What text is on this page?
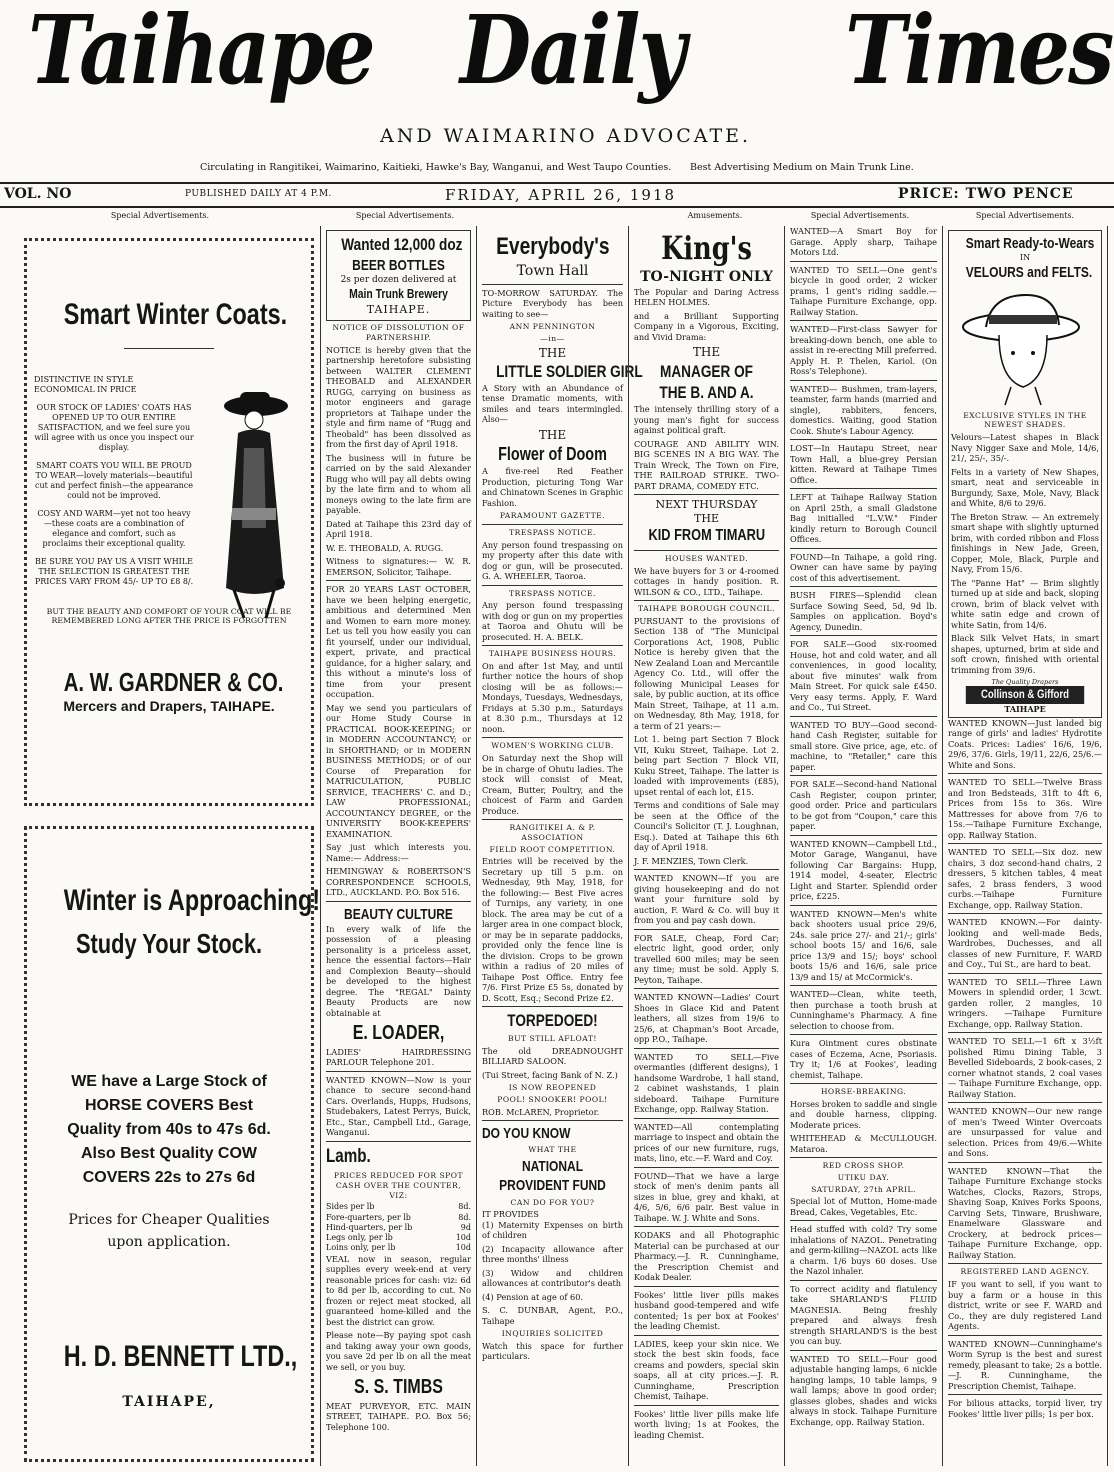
Taihape Daily Times
AND WAIMARINO ADVOCATE.
Circulating in Rangitikei, Waimarino, Kaitieki, Hawke's Bay, Wanganui, and West Taupo Counties. Best Advertising Medium on Main Trunk Line.
VOL. NO	PUBLISHED DAILY AT 4 P.M.	FRIDAY, APRIL 26, 1918	PRICE: TWO PENCE
Special Advertisements.	Special Advertisements.	Amusements.	Special Advertisements.	Special Advertisements.
Smart Winter Coats.
DISTINCTIVE IN STYLE
ECONOMICAL IN PRICE

OUR STOCK OF LADIES' COATS HAS OPENED UP TO OUR ENTIRE SATISFACTION, and we feel sure you will agree with us once you inspect our display.

SMART COATS YOU WILL BE PROUD TO WEAR—lovely materials—beautiful cut and perfect finish—the appearance could not be improved.

COSY AND WARM—yet not too heavy—these coats are a combination of elegance and comfort, such as proclaims their exceptional quality.

BE SURE YOU PAY US A VISIT WHILE THE SELECTION IS GREATEST THE PRICES VARY FROM 45/- UP TO £8 8/.

BUT THE BEAUTY AND COMFORT OF YOUR COAT WILL BE REMEMBERED LONG AFTER THE PRICE IS FORGOTTEN

A. W. GARDNER & CO.
Mercers and Drapers, TAIHAPE.
Winter is Approaching!
Study Your Stock.
WE have a Large Stock of
HORSE COVERS Best
Quality from 40s to 47s 6d.
Also Best Quality COW
COVERS 22s to 27s 6d
Prices for Cheaper Qualities
upon application.
H. D. BENNETT LTD.,
TAIHAPE,
Wanted 12,000 doz
BEER BOTTLES
2s per dozen delivered at
Main Trunk Brewery
TAIHAPE.
NOTICE OF DISSOLUTION OF PARTNERSHIP.

NOTICE is hereby given that the partnership heretofore subsisting between WALTER CLEMENT THEOBALD and ALEXANDER RUGG, carrying on business as motor engineers and garage proprietors at Taihape under the style and firm name of "Rugg and Theobald" has been dissolved as from the first day of April 1918.

The business will in future be carried on by the said Alexander Rugg who will pay all debts owing by the late firm and to whom all moneys owing to the late firm are payable.

Dated at Taihape this 23rd day of April 1918.

W. E. THEOBALD, A. RUGG.

Witness to signatures:— W. R. EMERSON, Solicitor, Taihape.

FOR 20 YEARS LAST OCTOBER, have we been helping energetic, ambitious and determined Men and Women to earn more money. Let us tell you how easily you can fit yourself, under our individual, expert, private, and practical guidance, for a higher salary, and this without a minute's loss of time from your present occupation.

May we send you particulars of our Home Study Course in PRACTICAL BOOK-KEEPING; or in MODERN ACCOUNTANCY; or in SHORTHAND; or in MODERN BUSINESS METHODS; or of our Course of Preparation for MATRICULATION, PUBLIC SERVICE, TEACHERS' C. and D.; LAW PROFESSIONAL; ACCOUNTANCY DEGREE, or the UNIVERSITY BOOK-KEEPERS' EXAMINATION.

Say just which interests you. Name:— Address:—

HEMINGWAY & ROBERTSON'S CORRESPONDENCE SCHOOLS, LTD., AUCKLAND. P.O. Box 516.

BEAUTY CULTURE

In every walk of life the possession of a pleasing personality is a priceless asset, hence the essential factors—Hair and Complexion Beauty—should be developed to the highest degree. The "REGAL" Dainty Beauty Products are now obtainable at

E. LOADER,

LADIES' HAIRDRESSING PARLOUR Telephone 201.

WANTED KNOWN—Now is your chance to secure second-hand Cars. Overlands, Hupps, Hudsons, Studebakers, Latest Perrys, Buick, Etc., Star., Campbell Ltd., Garage, Wanganui.

Lamb.
PRICES REDUCED FOR SPOT CASH OVER THE COUNTER, VIZ:
Sides per lb	8d.
Fore-quarters, per lb	8d.
Hind-quarters, per lb	9d
Legs only, per lb	10d
Loins only, per lb	10d

VEAL now in season, regular supplies every week-end at very reasonable prices for cash: viz: 6d to 8d per lb, according to cut. No frozen or reject meat stocked, all guaranteed home-killed and the best the district can grow.

Please note—By paying spot cash and taking away your own goods, you save 2d per lb on all the meat we sell, or you buy.

S. S. TIMBS

MEAT PURVEYOR, ETC. MAIN STREET, TAIHAPE. P.O. Box 56; Telephone 100.

Everybody's
Town Hall

TO-MORROW SATURDAY. The Picture Everybody has been waiting to see—

ANN PENNINGTON
—in—
THE
LITTLE SOLDIER GIRL

A Story with an Abundance of tense Dramatic moments, with smiles and tears intermingled. Also—

THE
Flower of Doom

A five-reel Red Feather Production, picturing Tong War and Chinatown Scenes in Graphic Fashion.

PARAMOUNT GAZETTE.
TRESPASS NOTICE.

Any person found trespassing on my property after this date with dog or gun, will be prosecuted. G. A. WHEELER, Taoroa.

TRESPASS NOTICE.

Any person found trespassing with dog or gun on my properties at Taoroa and Ohutu will be prosecuted. H. A. BELK.

TAIHAPE BUSINESS HOURS.

On and after 1st May, and until further notice the hours of shop closing will be as follows:—Mondays, Tuesdays, Wednesdays, Fridays at 5.30 p.m., Saturdays at 8.30 p.m., Thursdays at 12 noon.

WOMEN'S WORKING CLUB.

On Saturday next the Shop will be in charge of Ohutu ladies. The stock will consist of Meat, Cream, Butter, Poultry, and the choicest of Farm and Garden Produce.

RANGITIKEI A. & P. ASSOCIATION
FIELD ROOT COMPETITION.

Entries will be received by the Secretary up till 5 p.m. on Wednesday, 9th May, 1918, for the following:— Best Five acres of Turnips, any variety, in one block. The area may be cut of a larger area in one compact block, or may be in separate paddocks, provided only the fence line is the division. Crops to be grown within a radius of 20 miles of Taihape Post Office. Entry fee 7/6. First Prize £5 5s, donated by D. Scott, Esq.; Second Prize £2.

TORPEDOED!
BUT STILL AFLOAT!

The old DREADNOUGHT BILLIARD SALOON.

(Tui Street, facing Bank of N. Z.)

IS NOW REOPENED
POOL! SNOOKER! POOL!

ROB. McLAREN, Proprietor.

DO YOU KNOW
WHAT THE
NATIONAL PROVIDENT FUND
CAN DO FOR YOU?
IT PROVIDES

(1) Maternity Expenses on birth of children

(2) Incapacity allowance after three months' illness

(3) Widow and children allowances at contributor's death

(4) Pension at age of 60.

S. C. DUNBAR, Agent, P.O., Taihape

INQUIRIES SOLICITED

Watch this space for further particulars.

King's
TO-NIGHT ONLY

The Popular and Daring Actress HELEN HOLMES.

and a Brilliant Supporting Company in a Vigorous, Exciting, and Vivid Drama:

THE
MANAGER OF THE B. AND A.

The intensely thrilling story of a young man's fight for success against political graft.

COURAGE AND ABILITY WIN. BIG SCENES IN A BIG WAY. The Train Wreck, The Town on Fire, THE RAILROAD STRIKE. TWO-PART DRAMA, COMEDY ETC.

NEXT THURSDAY
THE
KID FROM TIMARU
HOUSES WANTED.

We have buyers for 3 or 4-roomed cottages in handy position. R. WILSON & CO., LTD., Taihape.

TAIHAPE BOROUGH COUNCIL.

PURSUANT to the provisions of Section 138 of "The Municipal Corporations Act, 1908, Public Notice is hereby given that the New Zealand Loan and Mercantile Agency Co. Ltd., will offer the following Municipal Leases for sale, by public auction, at its office Main Street, Taihape, at 11 a.m. on Wednesday, 8th May, 1918, for a term of 21 years:—

Lot 1. being part Section 7 Block VII, Kuku Street, Taihape. Lot 2. being part Section 7 Block VII, Kuku Street, Taihape. The latter is loaded with improvements (£85), upset rental of each lot, £15.

Terms and conditions of Sale may be seen at the Office of the Council's Solicitor (T. J. Loughnan, Esq.). Dated at Taihape this 6th day of April 1918.

J. F. MENZIES, Town Clerk.

WANTED KNOWN—If you are giving housekeeping and do not want your furniture sold by auction, F. Ward & Co. will buy it from you and pay cash down.

FOR SALE, Cheap, Ford Car; electric light, good order, only travelled 600 miles; may be seen any time; must be sold. Apply S. Peyton, Taihape.

WANTED KNOWN—Ladies' Court Shoes in Glace Kid and Patent leathers, all sizes from 19/6 to 25/6, at Chapman's Boot Arcade, opp P.O., Taihape.

WANTED TO SELL—Five overmantles (different designs), 1 handsome Wardrobe, 1 hall stand, 2 cabinet washstands, 1 plain sideboard. Taihape Furniture Exchange, opp. Railway Station.

WANTED—All contemplating marriage to inspect and obtain the prices of our new furniture, rugs, mats, lino, etc.—F. Ward and Coy.

FOUND—That we have a large stock of men's denim pants all sizes in blue, grey and khaki, at 4/6, 5/6, 6/6 pair. Best value in Taihape. W. J. White and Sons.

KODAKS and all Photographic Material can be purchased at our Pharmacy.—J. R. Cunninghame, the Prescription Chemist and Kodak Dealer.

Fookes' little liver pills makes husband good-tempered and wife contented; 1s per box at Fookes' the leading Chemist.

LADIES, keep your skin nice. We stock the best skin foods, face creams and powders, special skin soaps, all at city prices.—J. R. Cunninghame, Prescription Chemist, Taihape.

Fookes' little liver pills make life worth living; 1s at Fookes, the leading Chemist.

WANTED—A Smart Boy for Garage. Apply sharp, Taihape Motors Ltd.

WANTED TO SELL—One gent's bicycle in good order, 2 wicker prams, 1 gent's riding saddle.—Taihape Furniture Exchange, opp. Railway Station.

WANTED—First-class Sawyer for breaking-down bench, one able to assist in re-erecting Mill preferred. Apply H. P. Thelen, Kariol. (On Ross's Telephone).

WANTED— Bushmen, tram-layers, teamster, farm hands (married and single), rabbiters, fencers, domestics. Waiting, good Station Cook. Shute's Labour Agency.

LOST—In Hautapu Street, near Town Hall, a blue-grey Persian kitten. Reward at Taihape Times Office.

LEFT at Taihape Railway Station on April 25th, a small Gladstone Bag initialled "L.V.W." Finder kindly return to Borough Council Offices.

FOUND—In Taihape, a gold ring. Owner can have same by paying cost of this advertisement.

BUSH FIRES—Splendid clean Surface Sowing Seed, 5d, 9d lb. Samples on application. Boyd's Agency, Dunedin.

FOR SALE—Good six-roomed House, hot and cold water, and all conveniences, in good locality, about five minutes' walk from Main Street. For quick sale £450. Very easy terms. Apply, F. Ward and Co., Tui Street.

WANTED TO BUY—Good second-hand Cash Register, suitable for small store. Give price, age, etc. of machine, to "Retailer," care this paper.

FOR SALE—Second-hand National Cash Register, coupon printer, good order. Price and particulars to be got from "Coupon," care this paper.

WANTED KNOWN—Campbell Ltd., Motor Garage, Wanganui, have following Car Bargains: Hupp, 1914 model, 4-seater, Electric Light and Starter. Splendid order price, £225.

WANTED KNOWN—Men's white back shooters usual price 29/6, 24s. sale price 27/- and 21/-; girls' school boots 15/ and 16/6, sale price 13/9 and 15/; boys' school boots 15/6 and 16/6, sale price 13/9 and 15/ at McCormick's.

WANTED—Clean, white teeth, then purchase a tooth brush at Cunninghame's Pharmacy. A fine selection to choose from.

Kura Ointment cures obstinate cases of Eczema, Acne, Psoriasis. Try it; 1/6 at Fookes', leading chemist, Taihape.

HORSE-BREAKING.

Horses broken to saddle and single and double harness, clipping. Moderate prices.

WHITEHEAD & McCULLOUGH. Mataroa.

RED CROSS SHOP.
UTIKU DAY.
SATURDAY, 27th APRIL.

Special lot of Mutton, Home-made Bread, Cakes, Vegetables, Etc.

Head stuffed with cold? Try some inhalations of NAZOL. Penetrating and germ-killing—NAZOL acts like a charm. 1/6 buys 60 doses. Use the Nazol inhaler.

To correct acidity and flatulency take SHARLAND'S FLUID MAGNESIA. Being freshly prepared and always fresh strength SHARLAND'S is the best you can buy.

WANTED TO SELL—Four good adjustable hanging lamps, 6 nickle hanging lamps, 10 table lamps, 9 wall lamps; above in good order; glasses globes, shades and wicks always in stock. Taihape Furniture Exchange, opp. Railway Station.

Smart Ready-to-Wears
IN
VELOURS and FELTS.
EXCLUSIVE STYLES IN THE NEWEST SHADES.

Velours—Latest shapes in Black Navy Nigger Saxe and Mole, 14/6, 21/, 25/-, 35/-.

Felts in a variety of New Shapes, smart, neat and serviceable in Burgundy, Saxe, Mole, Navy, Black and White, 8/6 to 29/6.

The Breton Straw. — An extremely smart shape with slightly upturned brim, with corded ribbon and Floss finishings in New Jade, Green, Copper, Mole, Black, Purple and Navy, From 15/6.

The "Panne Hat" — Brim slightly turned up at side and back, sloping crown, brim of black velvet with white satin edge and crown of white Satin, from 14/6.

Black Silk Velvet Hats, in smart shapes, upturned, brim at side and soft crown, finished with oriental trimming from 39/6.

The Quality Drapers
Collinson & Gifford
TAIHAPE

WANTED KNOWN—Just landed big range of girls' and ladies' Hydrotite Coats. Prices: Ladies' 16/6, 19/6, 29/6, 37/6. Girls, 19/11, 22/6, 25/6.—White and Sons.

WANTED TO SELL—Twelve Brass and Iron Bedsteads, 31ft to 4ft 6, Prices from 15s to 36s. Wire Mattresses for above from 7/6 to 15s.—Taihape Furniture Exchange, opp. Railway Station.

WANTED TO SELL—Six doz. new chairs, 3 doz second-hand chairs, 2 dressers, 5 kitchen tables, 4 meat safes, 2 brass fenders, 3 wood curbs.—Taihape Furniture Exchange, opp. Railway Station.

WANTED KNOWN.—For dainty-looking and well-made Beds, Wardrobes, Duchesses, and all classes of new Furniture, F. WARD and Coy., Tui St., are hard to beat.

WANTED TO SELL—Three Lawn Mowers in splendid order, 1 3cwt. garden roller, 2 mangles, 10 wringers. —Taihape Furniture Exchange, opp. Railway Station.

WANTED TO SELL—1 6ft x 3½ft polished Rimu Dining Table, 3 Bevelled Sideboards, 2 book-cases, 2 corner whatnot stands, 2 coal vases— Taihape Furniture Exchange, opp. Railway Station.

WANTED KNOWN—Our new range of men's Tweed Winter Overcoats are unsurpassed for value and selection. Prices from 49/6.—White and Sons.

WANTED KNOWN—That the Taihape Furniture Exchange stocks Watches, Clocks, Razors, Strops, Shaving Soap, Knives Forks Spoons, Carving Sets, Tinware, Brushware, Enamelware Glassware and Crockery, at bedrock prices—Taihape Furniture Exchange, opp. Railway Station.

REGISTERED LAND AGENCY.

IF you want to sell, if you want to buy a farm or a house in this district, write or see F. WARD and Co., they are duly registered Land Agents.

WANTED KNOWN—Cunninghame's Worm Syrup is the best and surest remedy, pleasant to take; 2s a bottle.—J. R. Cunninghame, the Prescription Chemist, Taihape.

For bilious attacks, torpid liver, try Fookes' little liver pills; 1s per box.
